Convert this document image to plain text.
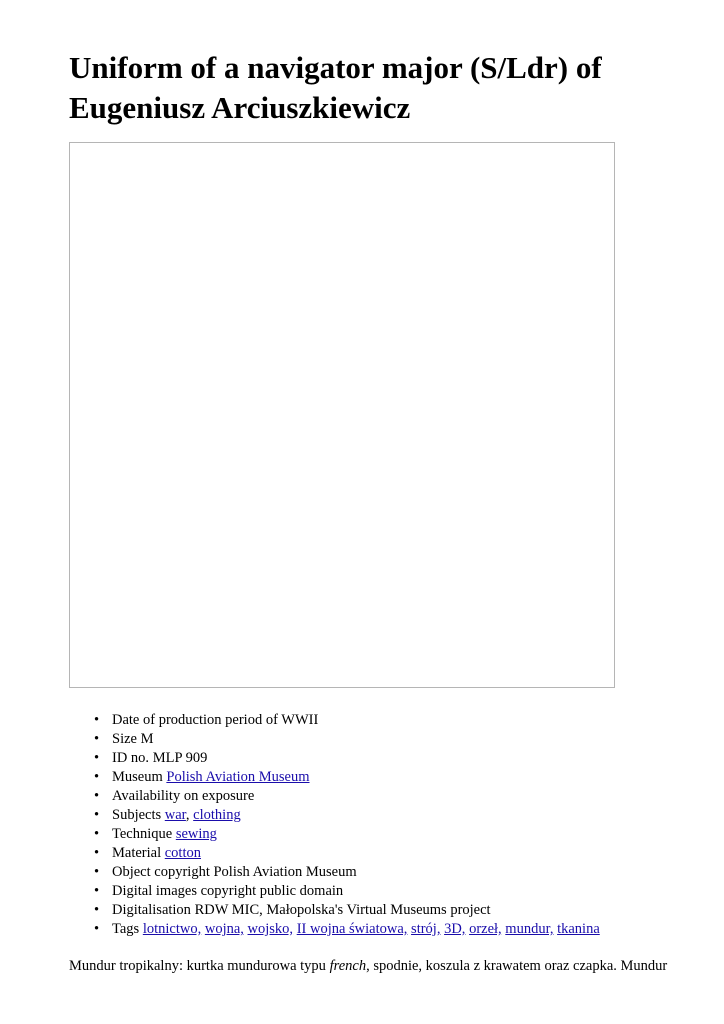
Uniform of a navigator major (S/Ldr) of Eugeniusz Arciuszkiewicz
• Date of production period of WWII
• Size M
• ID no. MLP 909
• Museum Polish Aviation Museum
• Availability on exposure
• Subjects war, clothing
• Technique sewing
• Material cotton
• Object copyright Polish Aviation Museum
• Digital images copyright public domain
• Digitalisation RDW MIC, Małopolska's Virtual Museums project
• Tags lotnictwo, wojna, wojsko, II wojna światowa, strój, 3D, orzeł, mundur, tkanina

Mundur tropikalny: kurtka mundurowa typu french, spodnie, koszula z krawatem oraz czapka. Mundur
